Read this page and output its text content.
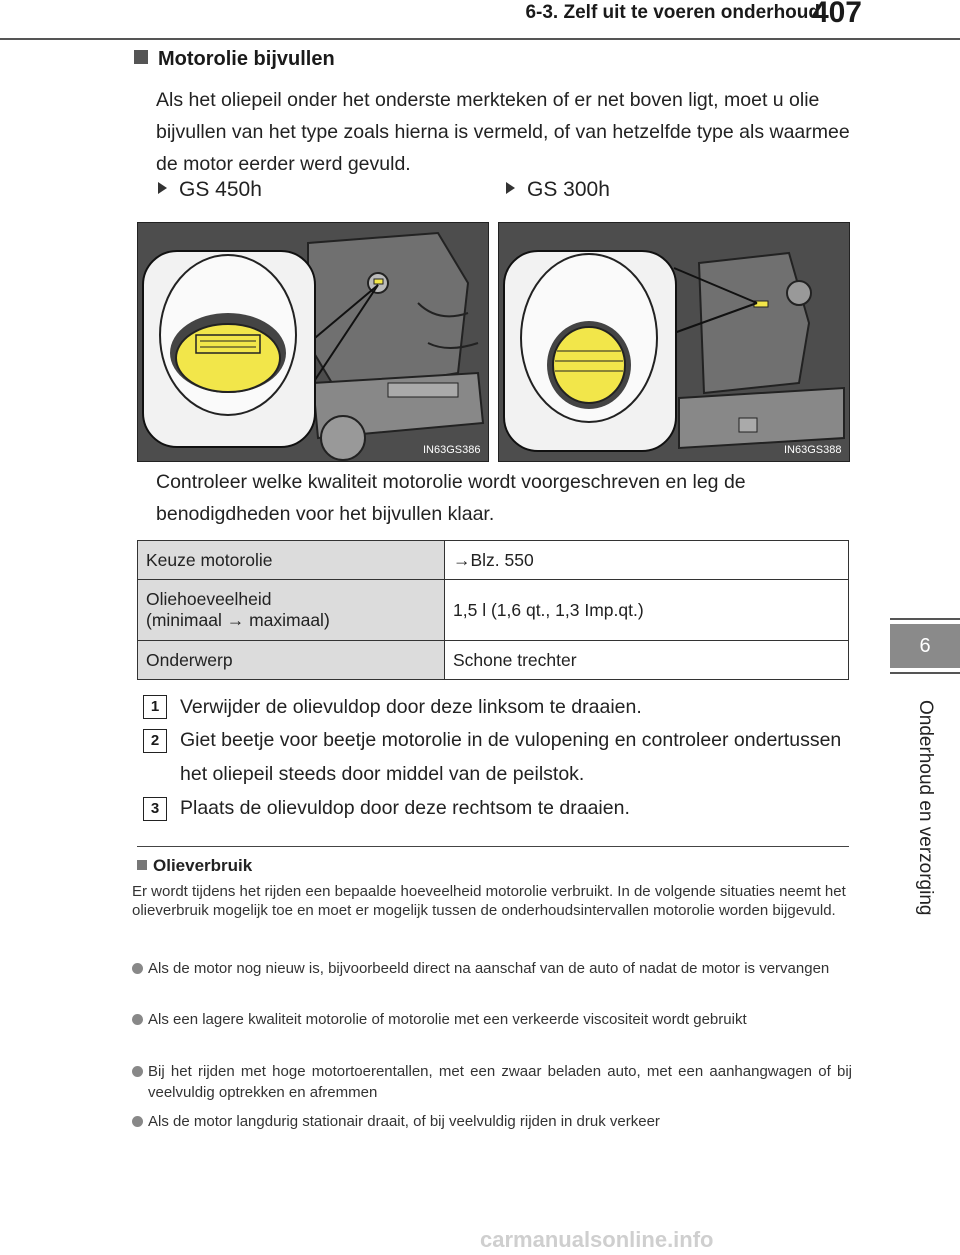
6-3. Zelf uit te voeren onderhoud
407
6
Onderhoud en verzorging
Motorolie bijvullen
Als het oliepeil onder het onderste merkteken of er net boven ligt, moet u olie bijvullen van het type zoals hierna is vermeld, of van hetzelfde type als waarmee de motor eerder werd gevuld.
GS 450h	GS 300h
IN63GS386	IN63GS388
Controleer welke kwaliteit motorolie wordt voorgeschreven en leg de benodigdheden voor het bijvullen klaar.
Keuze motorolie	→Blz. 550

Oliehoeveelheid
(minimaal → maximaal)	1,5 l (1,6 qt., 1,3 Imp.qt.)
Onderwerp	Schone trechter
1	Verwijder de olievuldop door deze linksom te draaien.
2	Giet beetje voor beetje motorolie in de vulopening en controleer ondertussen het oliepeil steeds door middel van de peilstok.
3	Plaats de olievuldop door deze rechtsom te draaien.
Olieverbruik
Er wordt tijdens het rijden een bepaalde hoeveelheid motorolie verbruikt. In de volgende situaties neemt het olieverbruik mogelijk toe en moet er mogelijk tussen de onderhoudsintervallen motorolie worden bijgevuld.
Als de motor nog nieuw is, bijvoorbeeld direct na aanschaf van de auto of nadat de motor is vervangen
Als een lagere kwaliteit motorolie of motorolie met een verkeerde viscositeit wordt gebruikt
Bij het rijden met hoge motortoerentallen, met een zwaar beladen auto, met een aanhangwagen of bij veelvuldig optrekken en afremmen
Als de motor langdurig stationair draait, of bij veelvuldig rijden in druk verkeer
carmanualsonline.info
